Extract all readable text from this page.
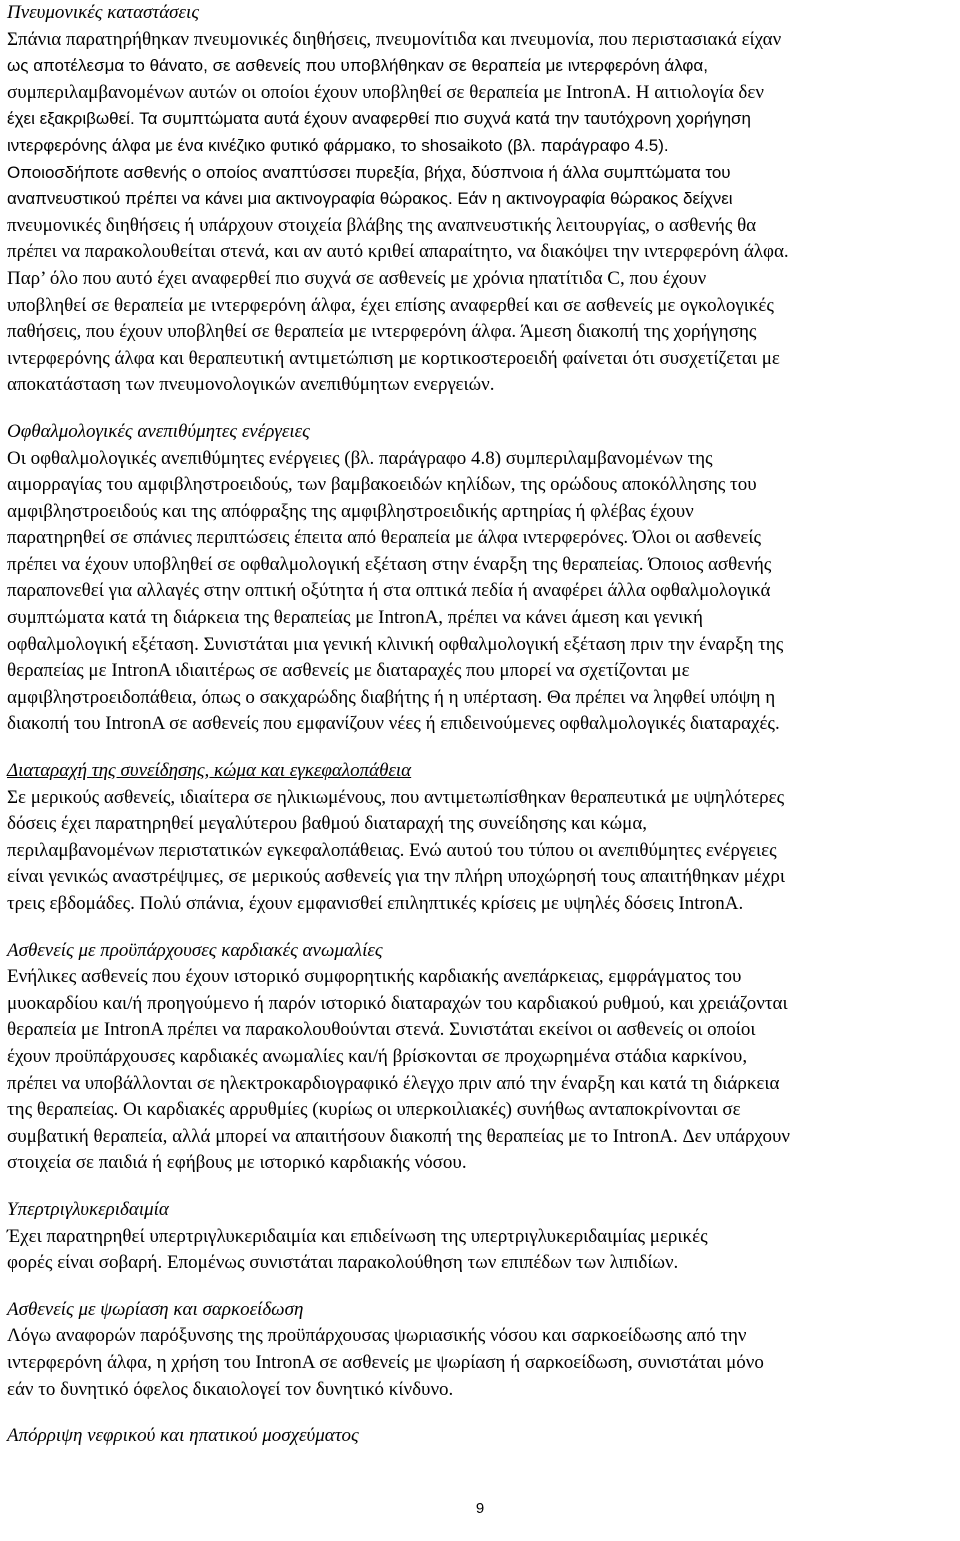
Πνευμονικές καταστάσεις
Σπάνια παρατηρήθηκαν πνευμονικές διηθήσεις, πνευμονίτιδα και πνευμονία, που περιστασιακά είχαν
ως αποτέλεσμα το θάνατο, σε ασθενείς που υποβλήθηκαν σε θεραπεία με ιντερφερόνη άλφα,
συμπεριλαμβανομένων αυτών οι οποίοι έχουν υποβληθεί σε θεραπεία με IntronA. Η αιτιολογία δεν
έχει εξακριβωθεί. Τα συμπτώματα αυτά έχουν αναφερθεί πιο συχνά κατά την ταυτόχρονη χορήγηση
ιντερφερόνης άλφα με ένα κινέζικο φυτικό φάρμακο, το shosaikoto (βλ. παράγραφο 4.5).
Οποιοσδήποτε ασθενής ο οποίος αναπτύσσει πυρεξία, βήχα, δύσπνοια ή άλλα συμπτώματα του
αναπνευστικού πρέπει να κάνει μια ακτινογραφία θώρακος. Εάν η ακτινογραφία θώρακος δείχνει
πνευμονικές διηθήσεις ή υπάρχουν στοιχεία βλάβης της αναπνευστικής λειτουργίας, ο ασθενής θα
πρέπει να παρακολουθείται στενά, και αν αυτό κριθεί απαραίτητο, να διακόψει την ιντερφερόνη άλφα.
Παρ’ όλο που αυτό έχει αναφερθεί πιο συχνά σε ασθενείς με χρόνια ηπατίτιδα C, που έχουν
υποβληθεί σε θεραπεία με ιντερφερόνη άλφα, έχει επίσης αναφερθεί και σε ασθενείς με ογκολογικές
παθήσεις, που έχουν υποβληθεί σε θεραπεία με ιντερφερόνη άλφα. Άμεση διακοπή της χορήγησης
ιντερφερόνης άλφα και θεραπευτική αντιμετώπιση με κορτικοστεροειδή φαίνεται ότι συσχετίζεται με
αποκατάσταση των πνευμονολογικών ανεπιθύμητων ενεργειών.
Οφθαλμολογικές ανεπιθύμητες ενέργειες
Οι οφθαλμολογικές ανεπιθύμητες ενέργειες (βλ. παράγραφο 4.8) συμπεριλαμβανομένων της
αιμορραγίας του αμφιβληστροειδούς, των βαμβακοειδών κηλίδων, της ορώδους αποκόλλησης του
αμφιβληστροειδούς και της απόφραξης της αμφιβληστροειδικής αρτηρίας ή φλέβας έχουν
παρατηρηθεί σε σπάνιες περιπτώσεις έπειτα από θεραπεία με άλφα ιντερφερόνες. Όλοι οι ασθενείς
πρέπει να έχουν υποβληθεί σε οφθαλμολογική εξέταση στην έναρξη της θεραπείας. Όποιος ασθενής
παραπονεθεί για αλλαγές στην οπτική οξύτητα ή στα οπτικά πεδία ή αναφέρει άλλα οφθαλμολογικά
συμπτώματα κατά τη διάρκεια της θεραπείας με IntronA, πρέπει να κάνει άμεση και γενική
οφθαλμολογική εξέταση. Συνιστάται μια γενική κλινική οφθαλμολογική εξέταση πριν την έναρξη της
θεραπείας με IntronA ιδιαιτέρως σε ασθενείς με διαταραχές που μπορεί να σχετίζονται με
αμφιβληστροειδοπάθεια, όπως ο σακχαρώδης διαβήτης ή η υπέρταση. Θα πρέπει να ληφθεί υπόψη η
διακοπή του IntronA σε ασθενείς που εμφανίζουν νέες ή επιδεινούμενες οφθαλμολογικές διαταραχές.
Διαταραχή της συνείδησης, κώμα και εγκεφαλοπάθεια
Σε μερικούς ασθενείς, ιδιαίτερα σε ηλικιωμένους, που αντιμετωπίσθηκαν θεραπευτικά με υψηλότερες
δόσεις έχει παρατηρηθεί μεγαλύτερου βαθμού διαταραχή της συνείδησης και κώμα,
περιλαμβανομένων περιστατικών εγκεφαλοπάθειας. Ενώ αυτού του τύπου οι ανεπιθύμητες ενέργειες
είναι γενικώς αναστρέψιμες, σε μερικούς ασθενείς για την πλήρη υποχώρησή τους απαιτήθηκαν μέχρι
τρεις εβδομάδες. Πολύ σπάνια, έχουν εμφανισθεί επιληπτικές κρίσεις με υψηλές δόσεις IntronA.
Ασθενείς με προϋπάρχουσες καρδιακές ανωμαλίες
Ενήλικες ασθενείς που έχουν ιστορικό συμφορητικής καρδιακής ανεπάρκειας, εμφράγματος του
μυοκαρδίου και/ή προηγούμενο ή παρόν ιστορικό διαταραχών του καρδιακού ρυθμού, και χρειάζονται
θεραπεία με IntronA πρέπει να παρακολουθούνται στενά. Συνιστάται εκείνοι οι ασθενείς οι οποίοι
έχουν προϋπάρχουσες καρδιακές ανωμαλίες και/ή βρίσκονται σε προχωρημένα στάδια καρκίνου,
πρέπει να υποβάλλονται σε ηλεκτροκαρδιογραφικό έλεγχο πριν από την έναρξη και κατά τη διάρκεια
της θεραπείας. Οι καρδιακές αρρυθμίες (κυρίως οι υπερκοιλιακές) συνήθως ανταποκρίνονται σε
συμβατική θεραπεία, αλλά μπορεί να απαιτήσουν διακοπή της θεραπείας με το IntronA. Δεν υπάρχουν
στοιχεία σε παιδιά ή εφήβους με ιστορικό καρδιακής νόσου.
Υπερτριγλυκεριδαιμία
Έχει παρατηρηθεί υπερτριγλυκεριδαιμία και επιδείνωση της υπερτριγλυκεριδαιμίας μερικές
φορές είναι σοβαρή. Επομένως συνιστάται παρακολούθηση των επιπέδων των λιπιδίων.
Ασθενείς με ψωρίαση και σαρκοείδωση
Λόγω αναφορών παρόξυνσης της προϋπάρχουσας ψωριασικής νόσου και σαρκοείδωσης από την
ιντερφερόνη άλφα, η χρήση του IntronA σε ασθενείς με ψωρίαση ή σαρκοείδωση, συνιστάται μόνο
εάν το δυνητικό όφελος δικαιολογεί τον δυνητικό κίνδυνο.
Απόρριψη νεφρικού και ηπατικού μοσχεύματος
9
